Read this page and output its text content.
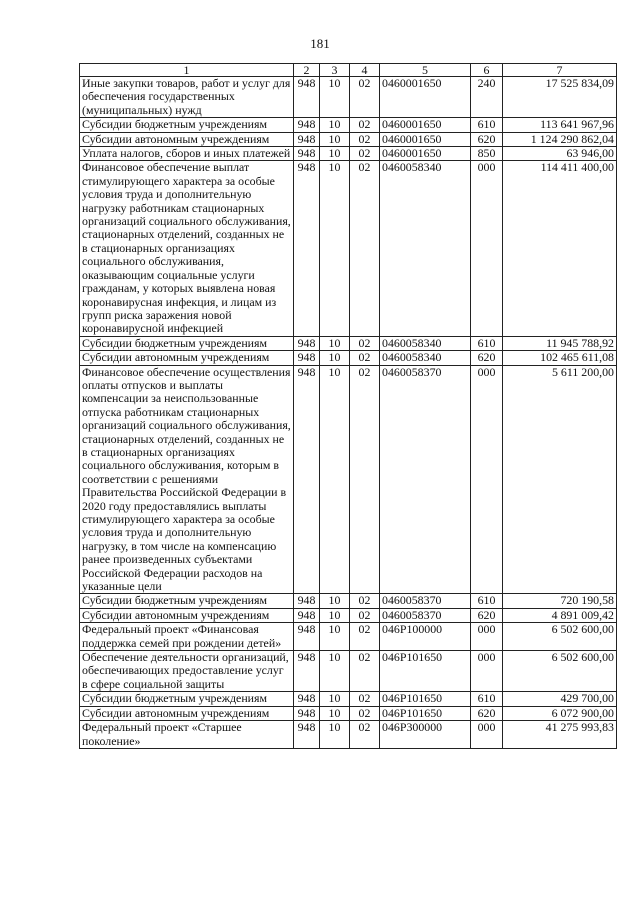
181
1	2	3	4	5	6	7
Иные закупки товаров, работ и услуг для обеспечения государственных (муниципальных) нужд	948	10	02	0460001650	240	17 525 834,09
Субсидии бюджетным учреждениям	948	10	02	0460001650	610	113 641 967,96
Субсидии автономным учреждениям	948	10	02	0460001650	620	1 124 290 862,04
Уплата налогов, сборов и иных платежей	948	10	02	0460001650	850	63 946,00
Финансовое обеспечение выплат стимулирующего характера за особые условия труда и дополнительную нагрузку работникам стационарных организаций социального обслуживания, стационарных отделений, созданных не в стационарных организациях социального обслуживания, оказывающим социальные услуги гражданам, у которых выявлена новая коронавирусная инфекция, и лицам из групп риска заражения новой коронавирусной инфекцией	948	10	02	0460058340	000	114 411 400,00
Субсидии бюджетным учреждениям	948	10	02	0460058340	610	11 945 788,92
Субсидии автономным учреждениям	948	10	02	0460058340	620	102 465 611,08
Финансовое обеспечение осуществления оплаты отпусков и выплаты компенсации за неиспользованные отпуска работникам стационарных организаций социального обслуживания, стационарных отделений, созданных не в стационарных организациях социального обслуживания, которым в соответствии с решениями Правительства Российской Федерации в 2020 году предоставлялись выплаты стимулирующего характера за особые условия труда и дополнительную нагрузку, в том числе на компенсацию ранее произведенных субъектами Российской Федерации расходов на указанные цели	948	10	02	0460058370	000	5 611 200,00
Субсидии бюджетным учреждениям	948	10	02	0460058370	610	720 190,58
Субсидии автономным учреждениям	948	10	02	0460058370	620	4 891 009,42
Федеральный проект «Финансовая поддержка семей при рождении детей»	948	10	02	046P100000	000	6 502 600,00
Обеспечение деятельности организаций, обеспечивающих предоставление услуг в сфере социальной защиты	948	10	02	046P101650	000	6 502 600,00
Субсидии бюджетным учреждениям	948	10	02	046P101650	610	429 700,00
Субсидии автономным учреждениям	948	10	02	046P101650	620	6 072 900,00
Федеральный проект «Старшее поколение»	948	10	02	046P300000	000	41 275 993,83
